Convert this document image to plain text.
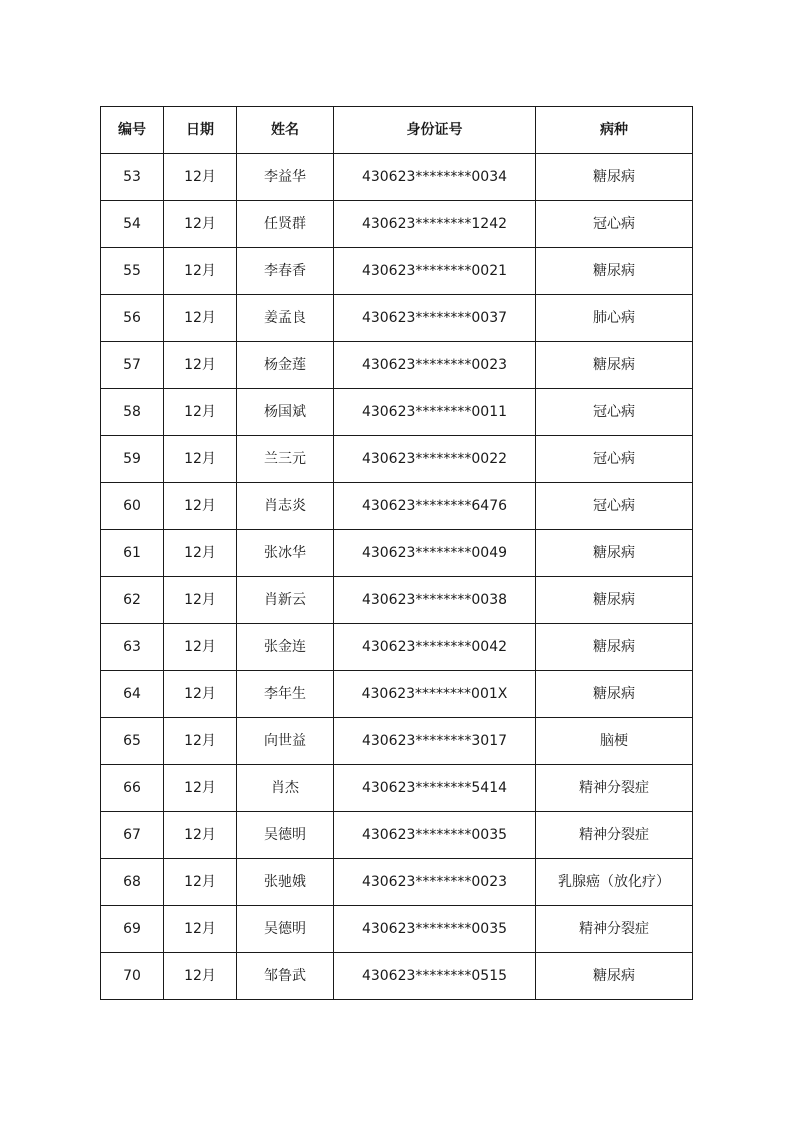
编号	日期	姓名	身份证号	病种
53	12月	李益华	430623********0034	糖尿病
54	12月	任贤群	430623********1242	冠心病
55	12月	李春香	430623********0021	糖尿病
56	12月	姜孟良	430623********0037	肺心病
57	12月	杨金莲	430623********0023	糖尿病
58	12月	杨国斌	430623********0011	冠心病
59	12月	兰三元	430623********0022	冠心病
60	12月	肖志炎	430623********6476	冠心病
61	12月	张冰华	430623********0049	糖尿病
62	12月	肖新云	430623********0038	糖尿病
63	12月	张金连	430623********0042	糖尿病
64	12月	李年生	430623********001X	糖尿病
65	12月	向世益	430623********3017	脑梗
66	12月	肖杰	430623********5414	精神分裂症
67	12月	吴德明	430623********0035	精神分裂症
68	12月	张驰娥	430623********0023	乳腺癌（放化疗）
69	12月	吴德明	430623********0035	精神分裂症
70	12月	邹鲁武	430623********0515	糖尿病
